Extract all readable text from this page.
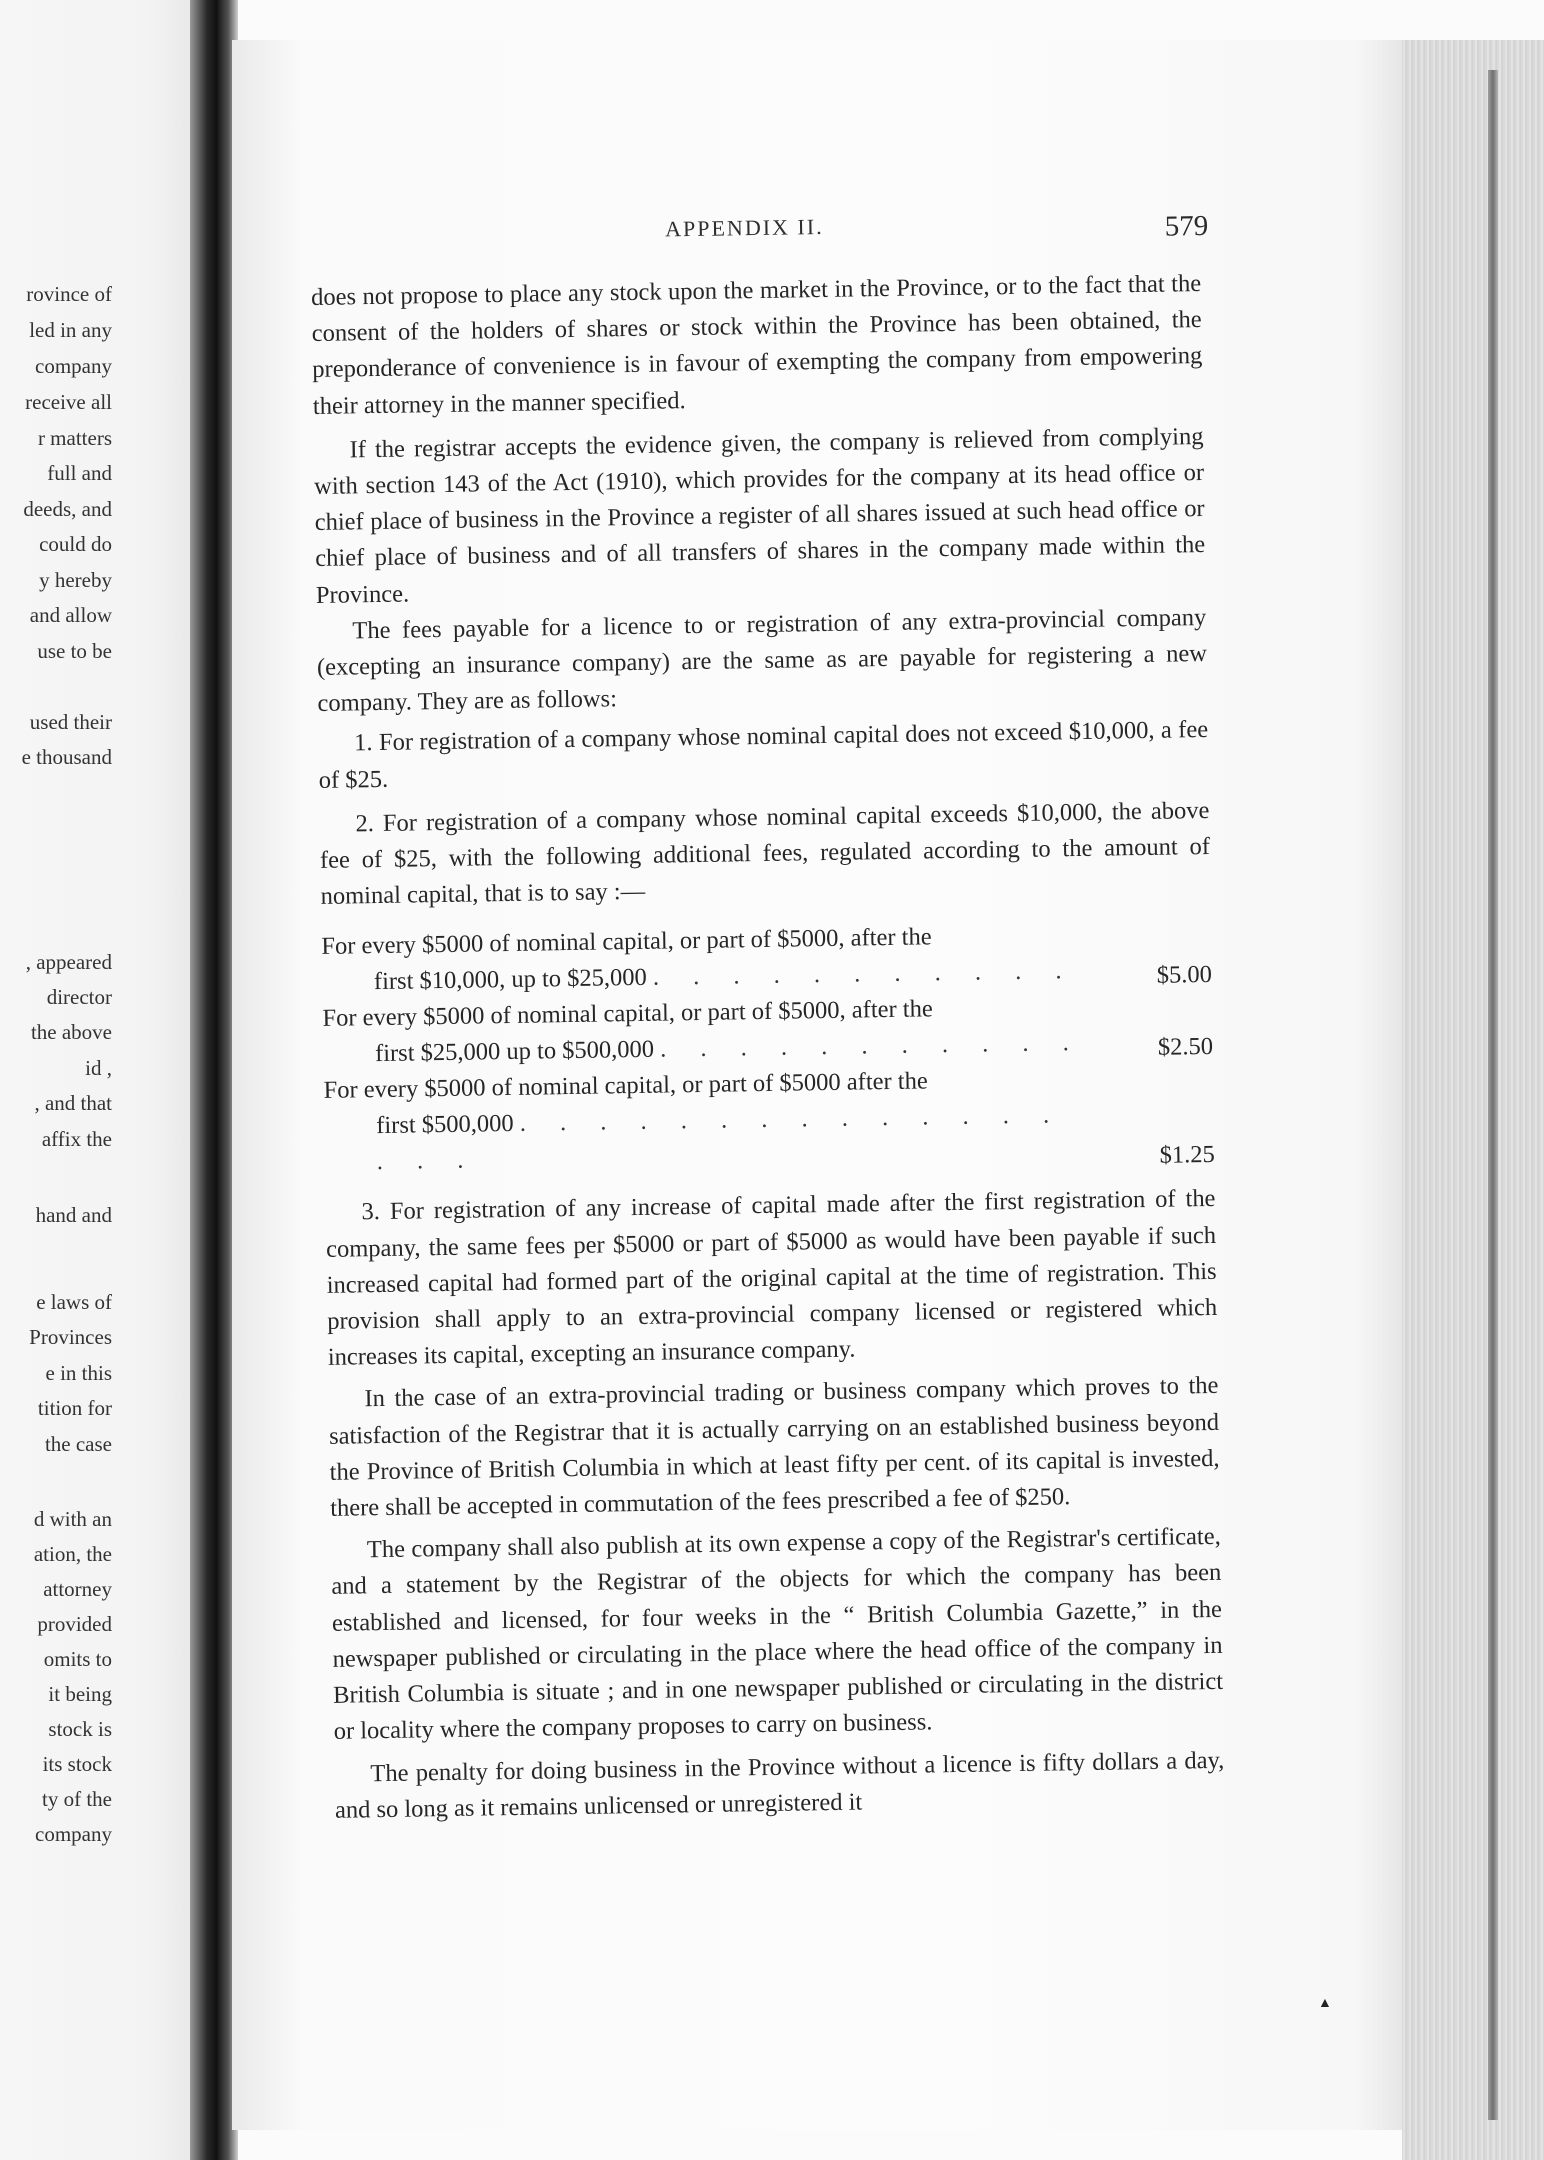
rovince of
led in any
company
receive all
r matters
full and
deeds, and
could do
y hereby
and allow
use to be
used their
e thousand
, appeared
director
the above
id ,
, and that
affix the
hand and
e laws of
Provinces
e in this
tition for
the case
d with an
ation, the
attorney
provided
omits to
it being
stock is
its stock
ty of the
company
APPENDIX II.	579

does not propose to place any stock upon the market in the Province, or to the fact that the consent of the holders of shares or stock within the Province has been obtained, the preponderance of convenience is in favour of exempting the company from empowering their attorney in the manner specified.

If the registrar accepts the evidence given, the company is relieved from complying with section 143 of the Act (1910), which provides for the company at its head office or chief place of business in the Province a register of all shares issued at such head office or chief place of business and of all transfers of shares in the company made within the Province.

The fees payable for a licence to or registration of any extra-provincial company (excepting an insurance company) are the same as are payable for registering a new company. They are as follows:

1. For registration of a company whose nominal capital does not exceed $10,000, a fee of $25.

2. For registration of a company whose nominal capital exceeds $10,000, the above fee of $25, with the following additional fees, regulated according to the amount of nominal capital, that is to say :—

For every $5000 of nominal capital, or part of $5000, after the
first $10,000, up to $25,000 . . . . . . . . . . .	$5.00
For every $5000 of nominal capital, or part of $5000, after the
first $25,000 up to $500,000 . . . . . . . . . . .	$2.50
For every $5000 of nominal capital, or part of $5000 after the
first $500,000 . . . . . . . . . . . . . . . . .	$1.25

3. For registration of any increase of capital made after the first registration of the company, the same fees per $5000 or part of $5000 as would have been payable if such increased capital had formed part of the original capital at the time of registration. This provision shall apply to an extra-provincial company licensed or registered which increases its capital, excepting an insurance company.

In the case of an extra-provincial trading or business company which proves to the satisfaction of the Registrar that it is actually carrying on an established business beyond the Province of British Columbia in which at least fifty per cent. of its capital is invested, there shall be accepted in commutation of the fees prescribed a fee of $250.

The company shall also publish at its own expense a copy of the Registrar's certificate, and a statement by the Registrar of the objects for which the company has been established and licensed, for four weeks in the “ British Columbia Gazette,” in the newspaper published or circulating in the place where the head office of the company in British Columbia is situate ; and in one newspaper published or circulating in the district or locality where the company proposes to carry on business.

The penalty for doing business in the Province without a licence is fifty dollars a day, and so long as it remains unlicensed or unregistered it

▲
